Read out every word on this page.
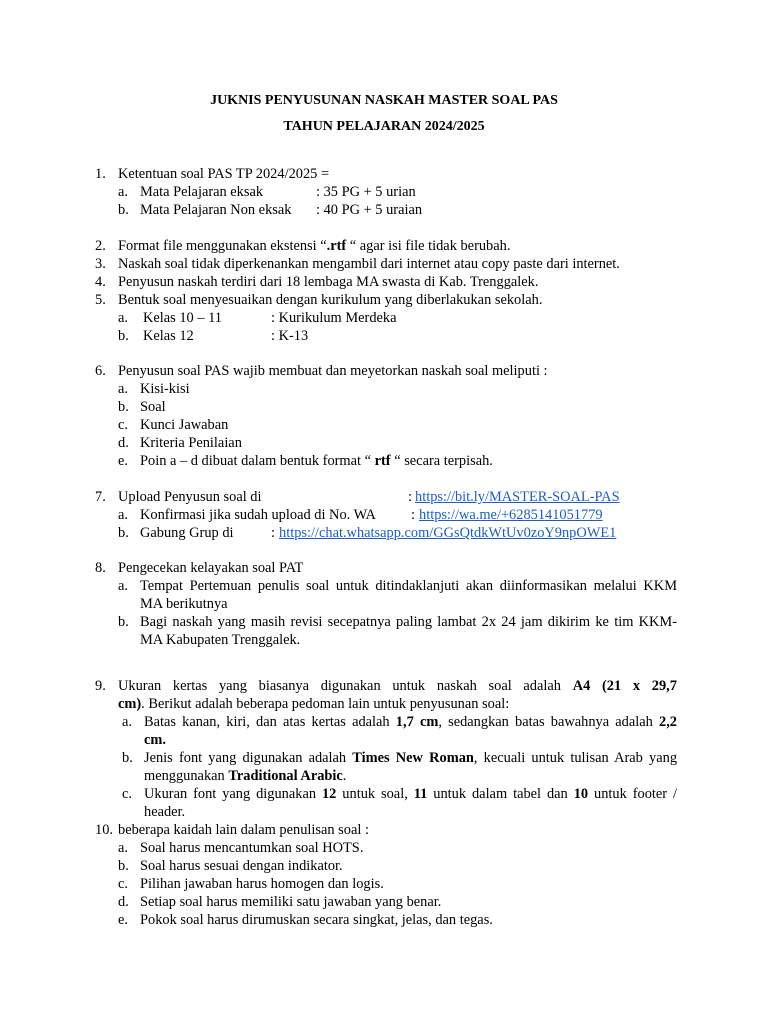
JUKNIS PENYUSUNAN NASKAH MASTER SOAL PAS
TAHUN PELAJARAN 2024/2025
1. Ketentuan soal PAS TP 2024/2025 =
a. Mata Pelajaran eksak	: 35 PG + 5 urian
b. Mata Pelajaran Non eksak : 40 PG + 5 uraian
2. Format file menggunakan ekstensi “.rtf “ agar isi file tidak berubah.
3. Naskah soal tidak diperkenankan mengambil dari internet atau copy paste dari internet.
4. Penyusun naskah terdiri dari 18 lembaga MA swasta di Kab. Trenggalek.
5. Bentuk soal menyesuaikan dengan kurikulum yang diberlakukan sekolah.
a. Kelas 10 – 11	: Kurikulum Merdeka
b. Kelas 12	: K-13
6. Penyusun soal PAS wajib membuat dan meyetorkan naskah soal meliputi :
a. Kisi-kisi
b. Soal
c. Kunci Jawaban
d. Kriteria Penilaian
e. Poin a – d dibuat dalam bentuk format “ rtf “ secara terpisah.
7. Upload Penyusun soal di	: https://bit.ly/MASTER-SOAL-PAS
a. Konfirmasi jika sudah upload di No. WA : https://wa.me/+6285141051779
b. Gabung Grup di	: https://chat.whatsapp.com/GGsQtdkWtUv0zoY9npOWE1
8. Pengecekan kelayakan soal PAT
a. Tempat Pertemuan penulis soal untuk ditindaklanjuti akan diinformasikan melalui KKM
MA berikutnya
b. Bagi naskah yang masih revisi secepatnya paling lambat 2x 24 jam dikirim ke tim KKM-
MA Kabupaten Trenggalek.
9. Ukuran kertas yang biasanya digunakan untuk naskah soal adalah A4 (21 x 29,7
cm). Berikut adalah beberapa pedoman lain untuk penyusunan soal:
a. Batas kanan, kiri, dan atas kertas adalah 1,7 cm, sedangkan batas bawahnya adalah 2,2
cm.
b. Jenis font yang digunakan adalah Times New Roman, kecuali untuk tulisan Arab yang
menggunakan Traditional Arabic.
c. Ukuran font yang digunakan 12 untuk soal, 11 untuk dalam tabel dan 10 untuk footer /
header.
10. beberapa kaidah lain dalam penulisan soal :
a. Soal harus mencantumkan soal HOTS.
b. Soal harus sesuai dengan indikator.
c. Pilihan jawaban harus homogen dan logis.
d. Setiap soal harus memiliki satu jawaban yang benar.
e. Pokok soal harus dirumuskan secara singkat, jelas, dan tegas.
